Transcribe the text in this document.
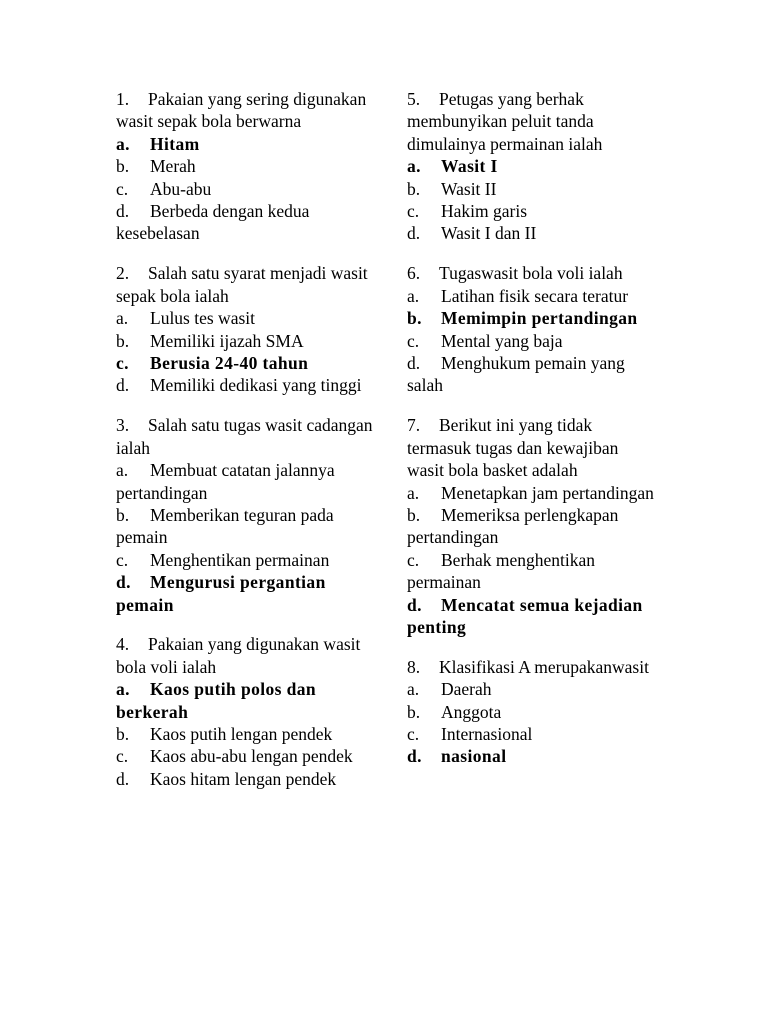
1. Pakaian yang sering digunakan wasit sepak bola berwarna

a. Hitam

b. Merah

c. Abu-abu

d. Berbeda dengan kedua kesebelasan

2. Salah satu syarat menjadi wasit sepak bola ialah

a. Lulus tes wasit

b. Memiliki ijazah SMA

c. Berusia 24-40 tahun

d. Memiliki dedikasi yang tinggi

3. Salah satu tugas wasit cadangan ialah

a. Membuat catatan jalannya pertandingan

b. Memberikan teguran pada pemain

c. Menghentikan permainan

d. Mengurusi pergantian pemain

4. Pakaian yang digunakan wasit bola voli ialah

a. Kaos putih polos dan berkerah

b. Kaos putih lengan pendek

c. Kaos abu-abu lengan pendek

d. Kaos hitam lengan pendek

5. Petugas yang berhak membunyikan peluit tanda dimulainya permainan ialah

a. Wasit I

b. Wasit II

c. Hakim garis

d. Wasit I dan II

6. Tugaswasit bola voli ialah

a. Latihan fisik secara teratur

b. Memimpin pertandingan

c. Mental yang baja

d. Menghukum pemain yang salah

7. Berikut ini yang tidak termasuk tugas dan kewajiban wasit bola basket adalah

a. Menetapkan jam pertandingan

b. Memeriksa perlengkapan pertandingan

c. Berhak menghentikan permainan

d. Mencatat semua kejadian penting

8. Klasifikasi A merupakanwasit

a. Daerah

b. Anggota

c. Internasional

d. nasional
